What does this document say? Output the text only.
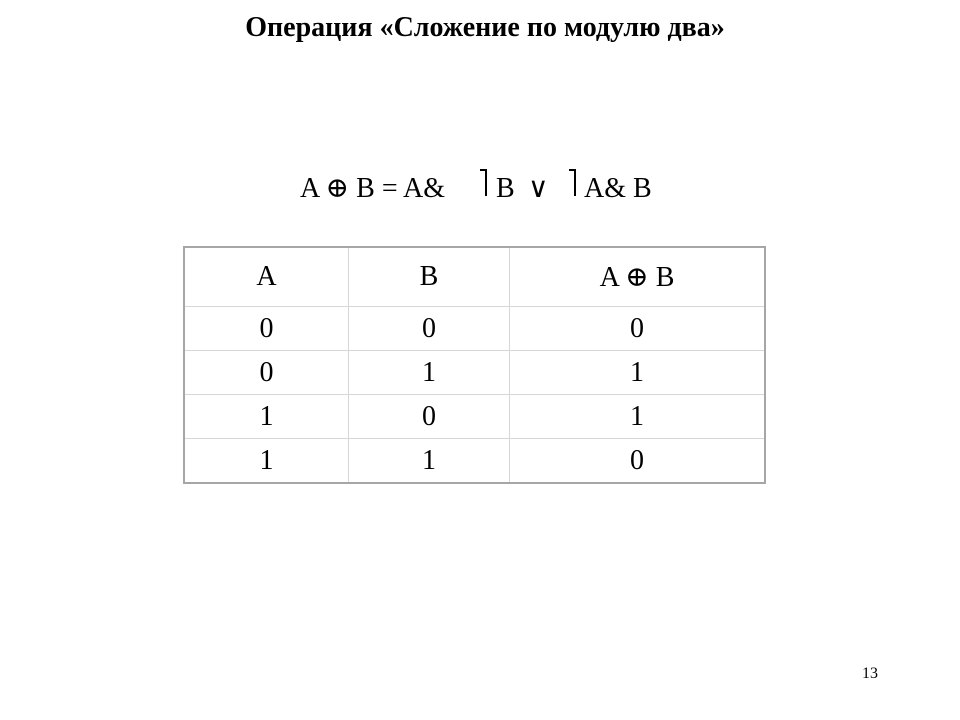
Операция «Сложение по модулю два»
A ⊕ B = A& B ∨ A& B
A	B	A ⊕ B
0	0	0
0	1	1
1	0	1
1	1	0
13
